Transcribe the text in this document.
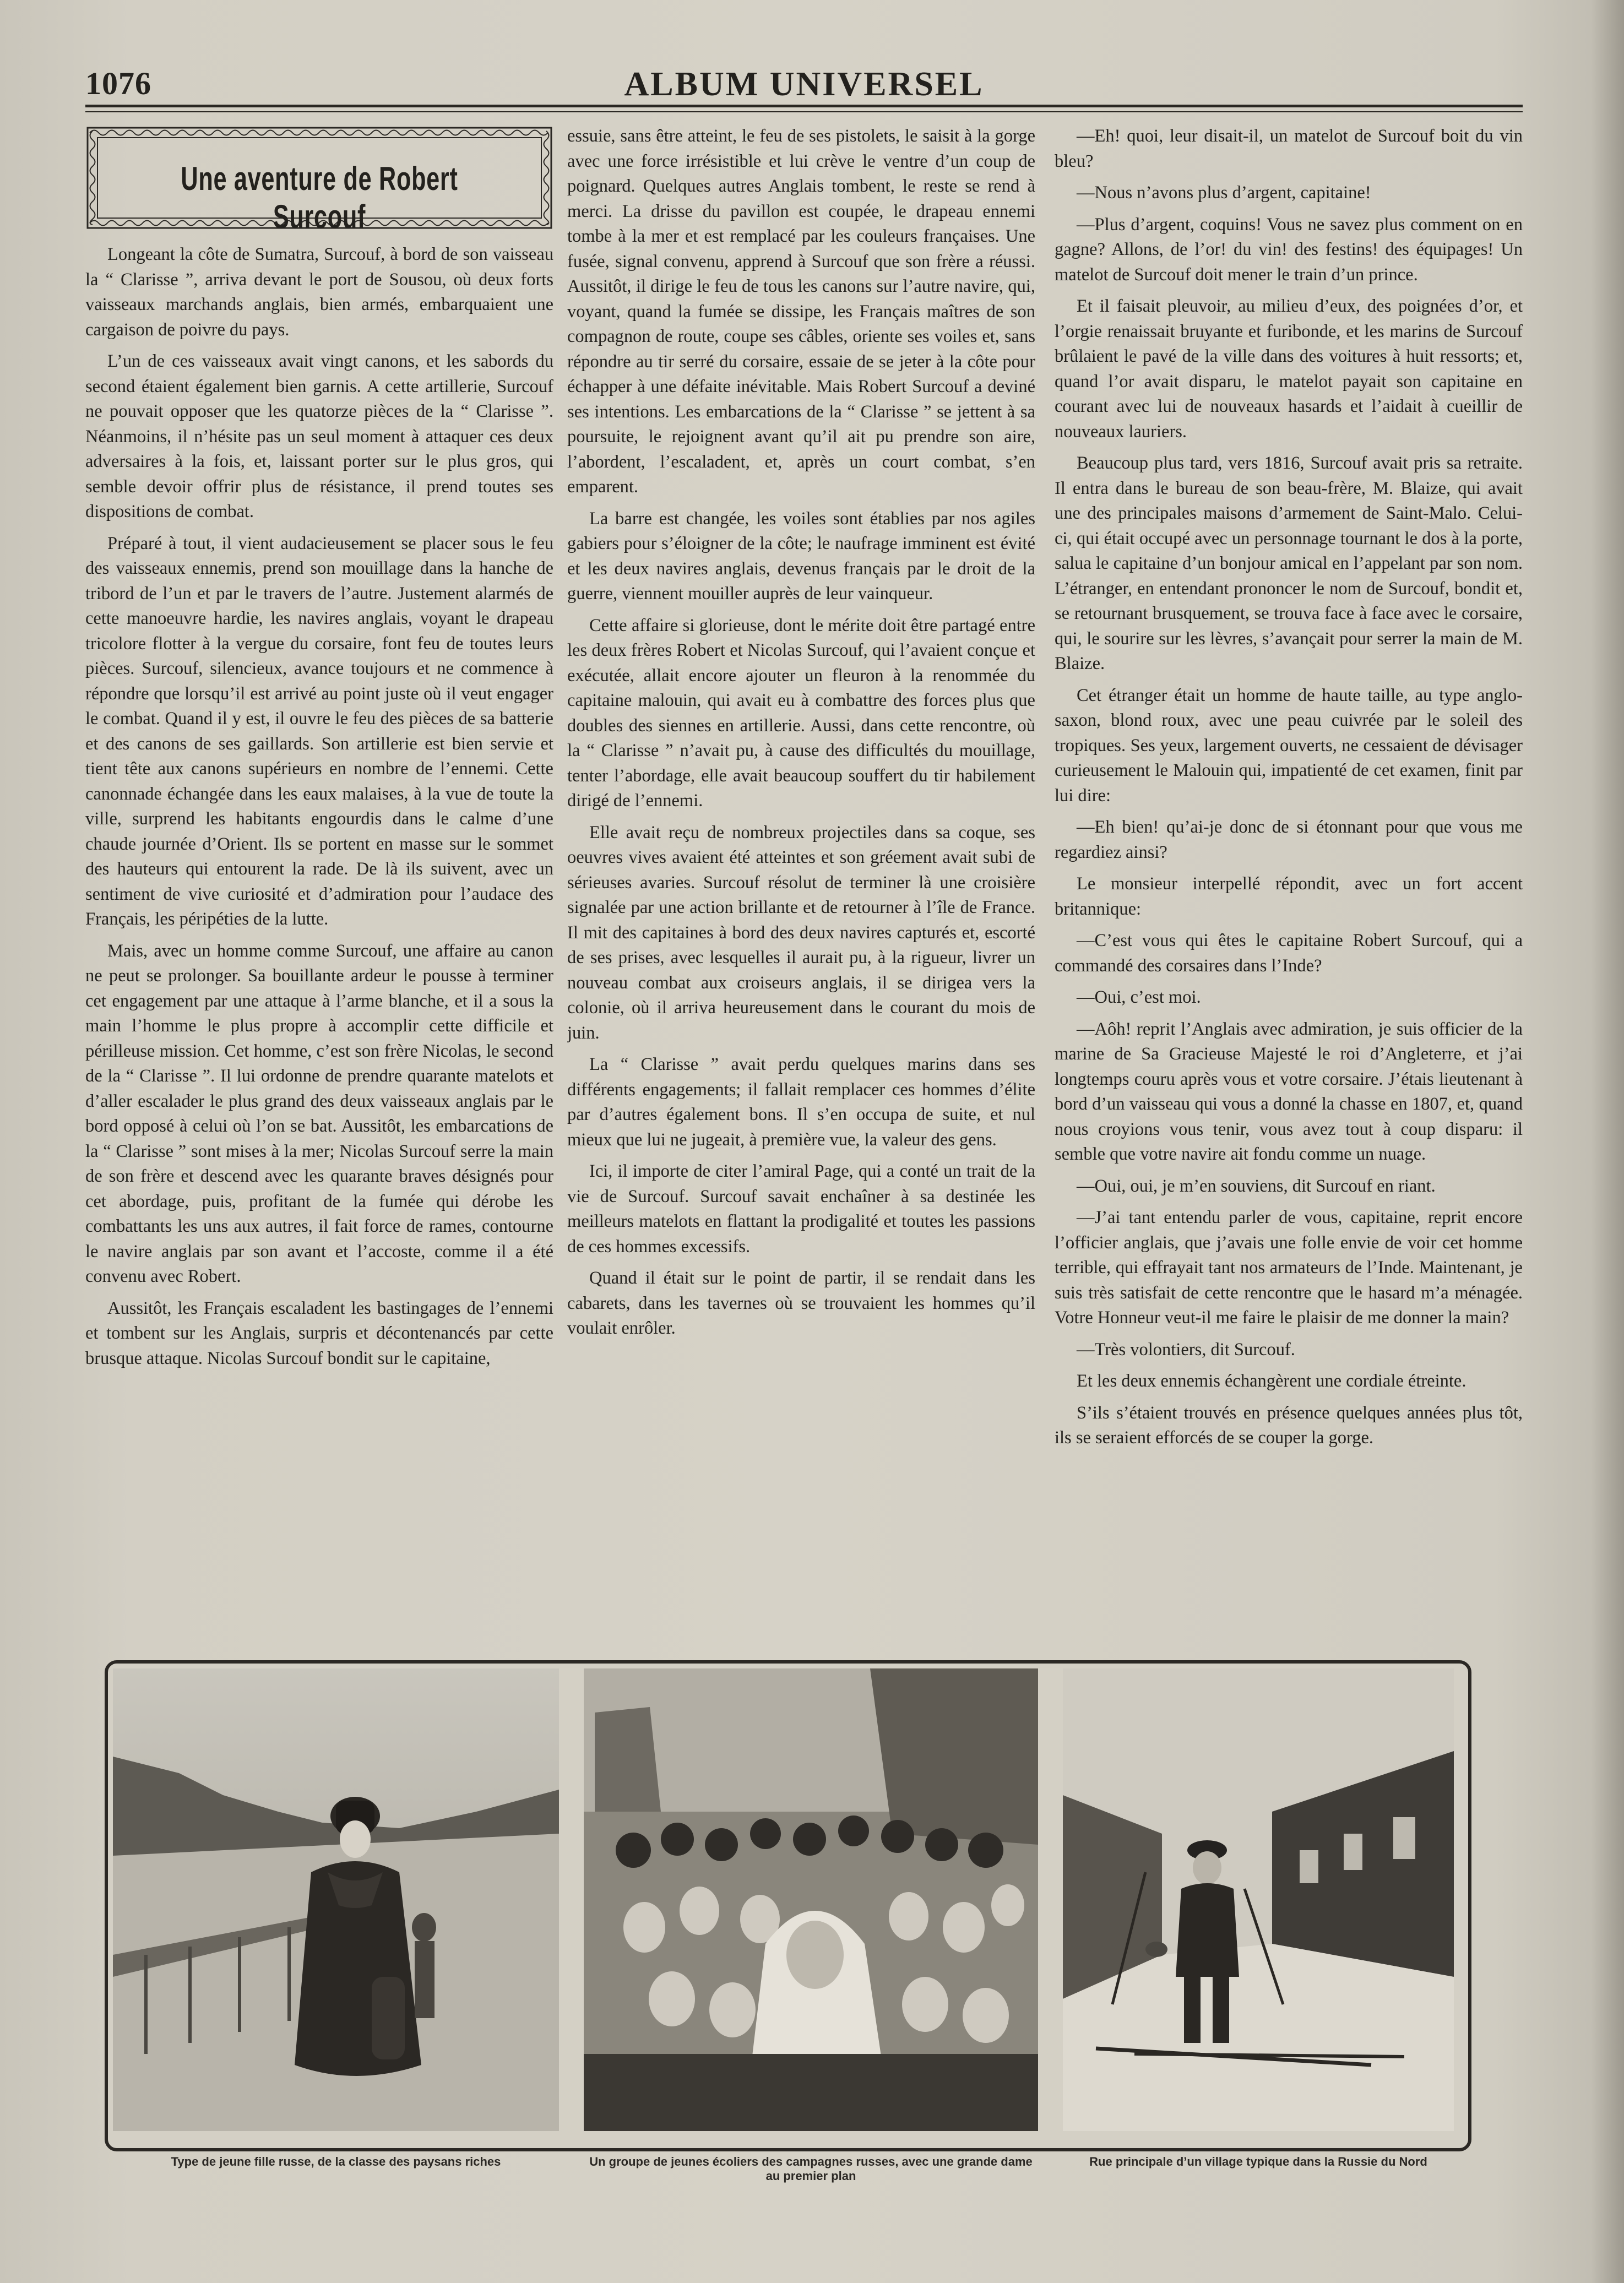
1076	ALBUM UNIVERSEL
Une aventure de Robert Surcouf

Longeant la côte de Sumatra, Surcouf, à bord de son vaisseau la “ Clarisse ”, arriva devant le port de Sousou, où deux forts vaisseaux marchands anglais, bien armés, embarquaient une cargaison de poivre du pays.

L’un de ces vaisseaux avait vingt canons, et les sabords du second étaient également bien garnis. A cette artillerie, Surcouf ne pouvait opposer que les quatorze pièces de la “ Clarisse ”. Néanmoins, il n’hésite pas un seul moment à attaquer ces deux adversaires à la fois, et, laissant porter sur le plus gros, qui semble devoir offrir plus de résistance, il prend toutes ses dispositions de combat.

Préparé à tout, il vient audacieusement se placer sous le feu des vaisseaux ennemis, prend son mouillage dans la hanche de tribord de l’un et par le travers de l’autre. Justement alarmés de cette manoeuvre hardie, les navires anglais, voyant le drapeau tricolore flotter à la vergue du corsaire, font feu de toutes leurs pièces. Surcouf, silencieux, avance toujours et ne commence à répondre que lorsqu’il est arrivé au point juste où il veut engager le combat. Quand il y est, il ouvre le feu des pièces de sa batterie et des canons de ses gaillards. Son artillerie est bien servie et tient tête aux canons supérieurs en nombre de l’ennemi. Cette canonnade échangée dans les eaux malaises, à la vue de toute la ville, surprend les habitants engourdis dans le calme d’une chaude journée d’Orient. Ils se portent en masse sur le sommet des hauteurs qui entourent la rade. De là ils suivent, avec un sentiment de vive curiosité et d’admiration pour l’audace des Français, les péripéties de la lutte.

Mais, avec un homme comme Surcouf, une affaire au canon ne peut se prolonger. Sa bouillante ardeur le pousse à terminer cet engagement par une attaque à l’arme blanche, et il a sous la main l’homme le plus propre à accomplir cette difficile et périlleuse mission. Cet homme, c’est son frère Nicolas, le second de la “ Clarisse ”. Il lui ordonne de prendre quarante matelots et d’aller escalader le plus grand des deux vaisseaux anglais par le bord opposé à celui où l’on se bat. Aussitôt, les embarcations de la “ Clarisse ” sont mises à la mer; Nicolas Surcouf serre la main de son frère et descend avec les quarante braves désignés pour cet abordage, puis, profitant de la fumée qui dérobe les combattants les uns aux autres, il fait force de rames, contourne le navire anglais par son avant et l’accoste, comme il a été convenu avec Robert.

Aussitôt, les Français escaladent les bastingages de l’ennemi et tombent sur les Anglais, surpris et décontenancés par cette brusque attaque. Nicolas Surcouf bondit sur le capitaine,

essuie, sans être atteint, le feu de ses pistolets, le saisit à la gorge avec une force irrésistible et lui crève le ventre d’un coup de poignard. Quelques autres Anglais tombent, le reste se rend à merci. La drisse du pavillon est coupée, le drapeau ennemi tombe à la mer et est remplacé par les couleurs françaises. Une fusée, signal convenu, apprend à Surcouf que son frère a réussi. Aussitôt, il dirige le feu de tous les canons sur l’autre navire, qui, voyant, quand la fumée se dissipe, les Français maîtres de son compagnon de route, coupe ses câbles, oriente ses voiles et, sans répondre au tir serré du corsaire, essaie de se jeter à la côte pour échapper à une défaite inévitable. Mais Robert Surcouf a deviné ses intentions. Les embarcations de la “ Clarisse ” se jettent à sa poursuite, le rejoignent avant qu’il ait pu prendre son aire, l’abordent, l’escaladent, et, après un court combat, s’en emparent.

La barre est changée, les voiles sont établies par nos agiles gabiers pour s’éloigner de la côte; le naufrage imminent est évité et les deux navires anglais, devenus français par le droit de la guerre, viennent mouiller auprès de leur vainqueur.

Cette affaire si glorieuse, dont le mérite doit être partagé entre les deux frères Robert et Nicolas Surcouf, qui l’avaient conçue et exécutée, allait encore ajouter un fleuron à la renommée du capitaine malouin, qui avait eu à combattre des forces plus que doubles des siennes en artillerie. Aussi, dans cette rencontre, où la “ Clarisse ” n’avait pu, à cause des difficultés du mouillage, tenter l’abordage, elle avait beaucoup souffert du tir habilement dirigé de l’ennemi.

Elle avait reçu de nombreux projectiles dans sa coque, ses oeuvres vives avaient été atteintes et son gréement avait subi de sérieuses avaries. Surcouf résolut de terminer là une croisière signalée par une action brillante et de retourner à l’île de France. Il mit des capitaines à bord des deux navires capturés et, escorté de ses prises, avec lesquelles il aurait pu, à la rigueur, livrer un nouveau combat aux croiseurs anglais, il se dirigea vers la colonie, où il arriva heureusement dans le courant du mois de juin.

La “ Clarisse ” avait perdu quelques marins dans ses différents engagements; il fallait remplacer ces hommes d’élite par d’autres également bons. Il s’en occupa de suite, et nul mieux que lui ne jugeait, à première vue, la valeur des gens.

Ici, il importe de citer l’amiral Page, qui a conté un trait de la vie de Surcouf. Surcouf savait enchaîner à sa destinée les meilleurs matelots en flattant la prodigalité et toutes les passions de ces hommes excessifs.

Quand il était sur le point de partir, il se rendait dans les cabarets, dans les tavernes où se trouvaient les hommes qu’il voulait enrôler.

—Eh! quoi, leur disait-il, un matelot de Surcouf boit du vin bleu?

—Nous n’avons plus d’argent, capitaine!

—Plus d’argent, coquins! Vous ne savez plus comment on en gagne? Allons, de l’or! du vin! des festins! des équipages! Un matelot de Surcouf doit mener le train d’un prince.

Et il faisait pleuvoir, au milieu d’eux, des poignées d’or, et l’orgie renaissait bruyante et furibonde, et les marins de Surcouf brûlaient le pavé de la ville dans des voitures à huit ressorts; et, quand l’or avait disparu, le matelot payait son capitaine en courant avec lui de nouveaux hasards et l’aidait à cueillir de nouveaux lauriers.

Beaucoup plus tard, vers 1816, Surcouf avait pris sa retraite. Il entra dans le bureau de son beau-frère, M. Blaize, qui avait une des principales maisons d’armement de Saint-Malo. Celui-ci, qui était occupé avec un personnage tournant le dos à la porte, salua le capitaine d’un bonjour amical en l’appelant par son nom. L’étranger, en entendant prononcer le nom de Surcouf, bondit et, se retournant brusquement, se trouva face à face avec le corsaire, qui, le sourire sur les lèvres, s’avançait pour serrer la main de M. Blaize.

Cet étranger était un homme de haute taille, au type anglo-saxon, blond roux, avec une peau cuivrée par le soleil des tropiques. Ses yeux, largement ouverts, ne cessaient de dévisager curieusement le Malouin qui, impatienté de cet examen, finit par lui dire:

—Eh bien! qu’ai-je donc de si étonnant pour que vous me regardiez ainsi?

Le monsieur interpellé répondit, avec un fort accent britannique:

—C’est vous qui êtes le capitaine Robert Surcouf, qui a commandé des corsaires dans l’Inde?

—Oui, c’est moi.

—Aôh! reprit l’Anglais avec admiration, je suis officier de la marine de Sa Gracieuse Majesté le roi d’Angleterre, et j’ai longtemps couru après vous et votre corsaire. J’étais lieutenant à bord d’un vaisseau qui vous a donné la chasse en 1807, et, quand nous croyions vous tenir, vous avez tout à coup disparu: il semble que votre navire ait fondu comme un nuage.

—Oui, oui, je m’en souviens, dit Surcouf en riant.

—J’ai tant entendu parler de vous, capitaine, reprit encore l’officier anglais, que j’avais une folle envie de voir cet homme terrible, qui effrayait tant nos armateurs de l’Inde. Maintenant, je suis très satisfait de cette rencontre que le hasard m’a ménagée. Votre Honneur veut-il me faire le plaisir de me donner la main?

—Très volontiers, dit Surcouf.

Et les deux ennemis échangèrent une cordiale étreinte.

S’ils s’étaient trouvés en présence quelques années plus tôt, ils se seraient efforcés de se couper la gorge.

Type de jeune fille russe, de la classe des paysans riches	Un groupe de jeunes écoliers des campagnes russes, avec une grande dame au premier plan
Rue principale d’un village typique dans la Russie du Nord
